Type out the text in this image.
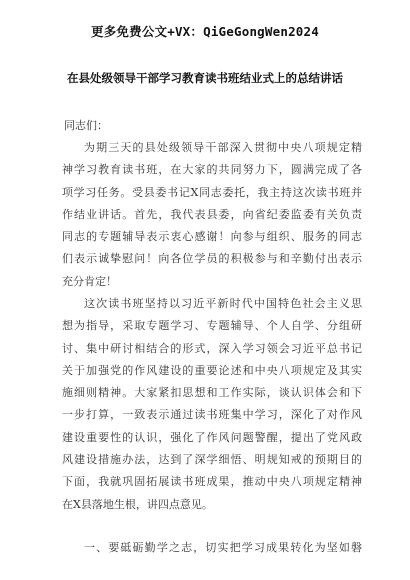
更多免费公文+VX：QiGeGongWen2024
在县处级领导干部学习教育读书班结业式上的总结讲话
同志们：
为期三天的县处级领导干部深入贯彻中央八项规定精
神学习教育读书班，在大家的共同努力下，圆满完成了各
项学习任务。受县委书记X同志委托，我主持这次读书班并
作结业讲话。首先，我代表县委，向省纪委监委有关负责
同志的专题辅导表示衷心感谢！向参与组织、服务的同志
们表示诚挚慰问！向各位学员的积极参与和辛勤付出表示
充分肯定！
这次读书班坚持以习近平新时代中国特色社会主义思
想为指导，采取专题学习、专题辅导、个人自学、分组研
讨、集中研讨相结合的形式，深入学习领会习近平总书记
关于加强党的作风建设的重要论述和中央八项规定及其实
施细则精神。大家紧扣思想和工作实际，谈认识体会和下
一步打算，一致表示通过读书班集中学习，深化了对作风
建设重要性的认识，强化了作风问题警醒，提出了党风政
风建设措施办法，达到了深学细悟、明规知戒的预期目的
下面，我就巩固拓展读书班成果，推动中央八项规定精神
在X县落地生根，讲四点意见。
一、要砥砺勤学之志，切实把学习成果转化为坚如磐
